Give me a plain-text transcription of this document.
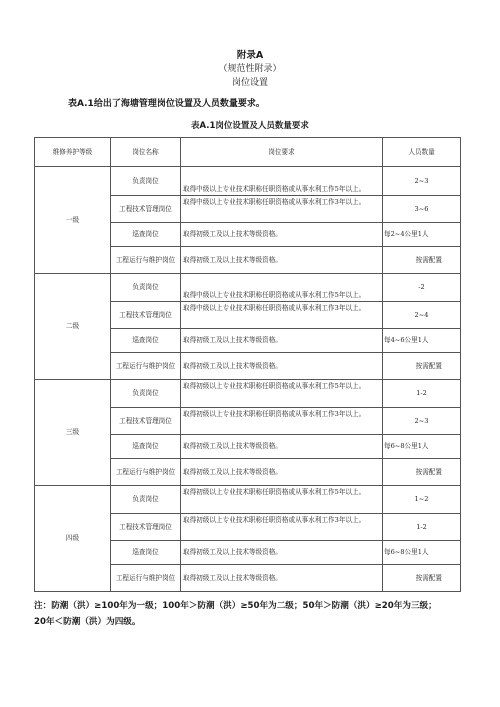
附录A
（规范性附录）
岗位设置
表A.1给出了海塘管理岗位设置及人员数量要求。
表A.1岗位设置及人员数量要求
维修养护等级	岗位名称	岗位要求	人员数量
一级	负责岗位	取得中级以上专业技术职称任职资格或从事水利工作5年以上。	2~3
	工程技术管理岗位	取得中级以上专业技术职称任职资格或从事水利工作3年以上。	3~6
	巡查岗位	取得初级工及以上技术等级资格。	每2~4公里1人
	工程运行与维护岗位	取得初级工及以上技术等级资格。	按需配置
二级	负责岗位	取得中级以上专业技术职称任职资格或从事水利工作5年以上。	-2
	工程技术管理岗位	取得中级以上专业技术职称任职资格或从事水利工作3年以上。	2~4
	巡查岗位	取得初级工及以上技术等级资格。	每4~6公里1人
	工程运行与维护岗位	取得初级工及以上技术等级资格。	按需配置
三级	负责岗位	取得初级以上专业技术职称任职资格或从事水利工作5年以上。	1-2
	工程技术管理岗位	取得初级以上专业技术职称任职资格或从事水利工作3年以上。	2~3
	巡查岗位	取得初级工及以上技术等级资格。	每6~8公里1人
	工程运行与维护岗位	取得初级工及以上技术等级资格。	按需配置
四级	负责岗位	取得初级以上专业技术职称任职资格或从事水利工作5年以上。	1~2
	工程技术管理岗位	取得初级以上专业技术职称任职资格或从事水利工作3年以上。	1-2
	巡查岗位	取得初级工及以上技术等级资格。	每6~8公里1人
	工程运行与维护岗位	取得初级工及以上技术等级资格。	按需配置
注：防潮（洪）≥100年为一级；100年＞防潮（洪）≥50年为二级；50年＞防潮（洪）≥20年为三级；
20年＜防潮（洪）为四级。
